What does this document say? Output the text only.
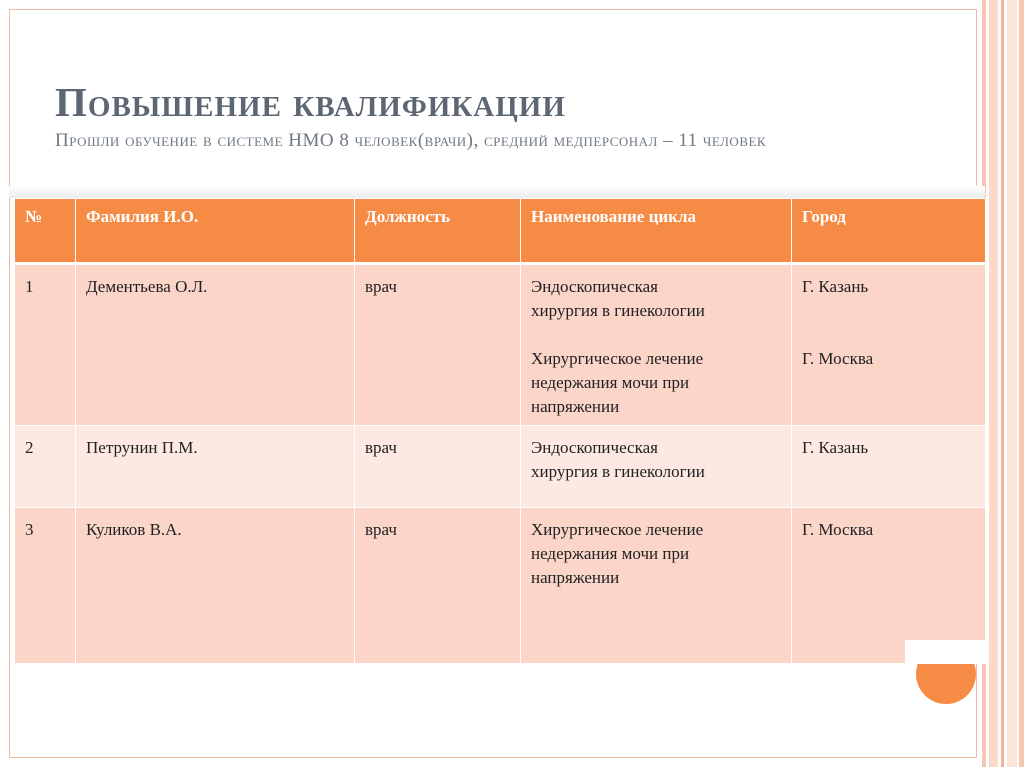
Повышение квалификации
Прошли обучение в системе НМО 8 человек(врачи), средний медперсонал – 11 человек
№	Фамилия И.О.	Должность	Наименование цикла	Город
1	Дементьева О.Л.	врач	Эндоскопическая
хирургия в гинекологии
Хирургическое лечение
недержания мочи при
напряжении	Г. Казань
Г. Москва

2	Петрунин П.М.	врач	Эндоскопическая
хирургия в гинекологии	Г. Казань

3	Куликов В.А.	врач	Хирургическое лечение
недержания мочи при
напряжении	Г. Москва
